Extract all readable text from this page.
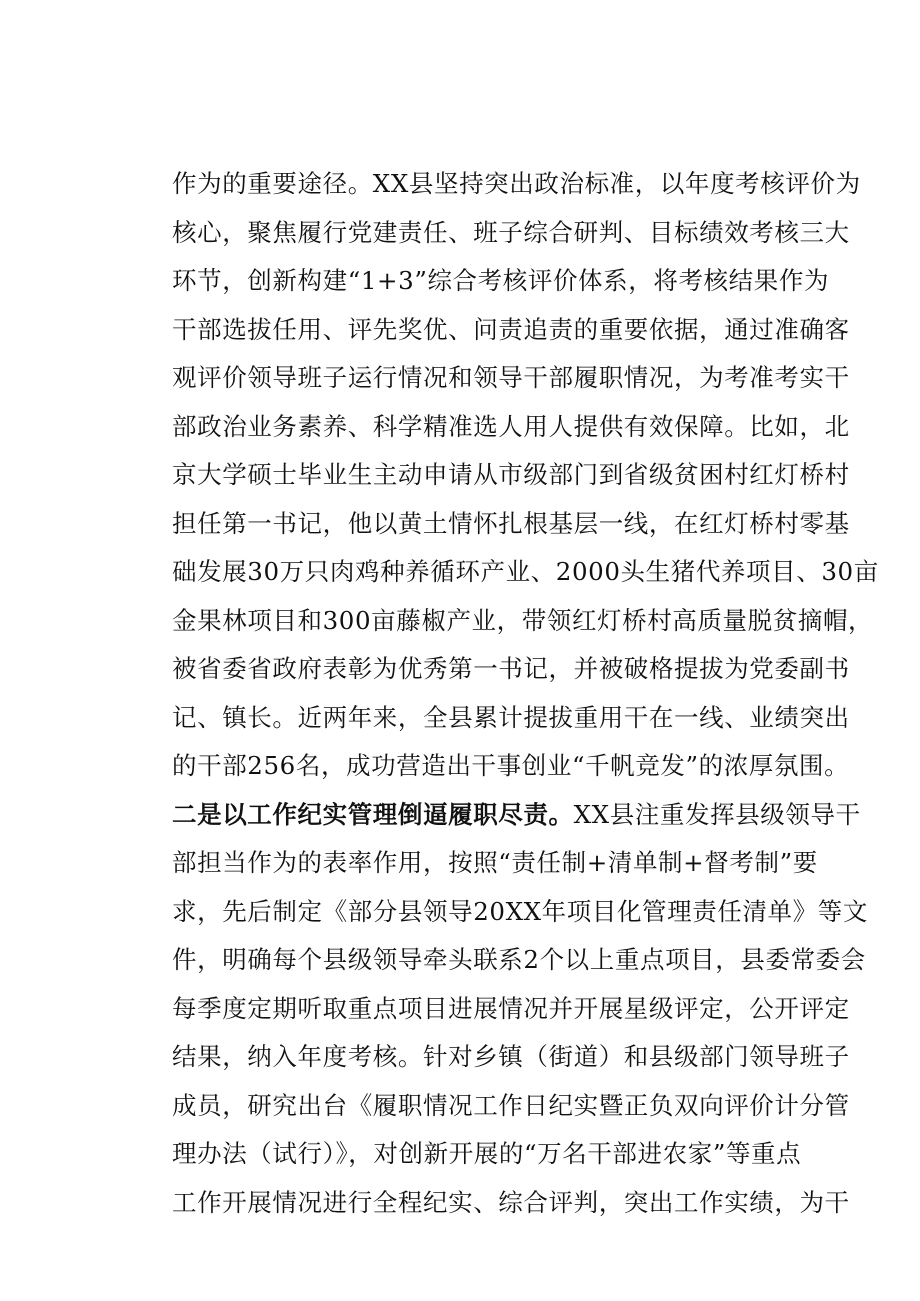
作为的重要途径。XX县坚持突出政治标准，以年度考核评价为
核心，聚焦履行党建责任、班子综合研判、目标绩效考核三大
环节，创新构建“1+3”综合考核评价体系，将考核结果作为
干部选拔任用、评先奖优、问责追责的重要依据，通过准确客
观评价领导班子运行情况和领导干部履职情况，为考准考实干
部政治业务素养、科学精准选人用人提供有效保障。比如，北
京大学硕士毕业生主动申请从市级部门到省级贫困村红灯桥村
担任第一书记，他以黄土情怀扎根基层一线，在红灯桥村零基
础发展30万只肉鸡种养循环产业、2000头生猪代养项目、30亩
金果林项目和300亩藤椒产业，带领红灯桥村高质量脱贫摘帽，
被省委省政府表彰为优秀第一书记，并被破格提拔为党委副书
记、镇长。近两年来，全县累计提拔重用干在一线、业绩突出
的干部256名，成功营造出干事创业“千帆竞发”的浓厚氛围。
二是以工作纪实管理倒逼履职尽责。XX县注重发挥县级领导干
部担当作为的表率作用，按照“责任制+清单制+督考制”要
求，先后制定《部分县领导20XX年项目化管理责任清单》等文
件，明确每个县级领导牵头联系2个以上重点项目，县委常委会
每季度定期听取重点项目进展情况并开展星级评定，公开评定
结果，纳入年度考核。针对乡镇（街道）和县级部门领导班子
成员，研究出台《履职情况工作日纪实暨正负双向评价计分管
理办法（试行）》，对创新开展的“万名干部进农家”等重点
工作开展情况进行全程纪实、综合评判，突出工作实绩，为干
